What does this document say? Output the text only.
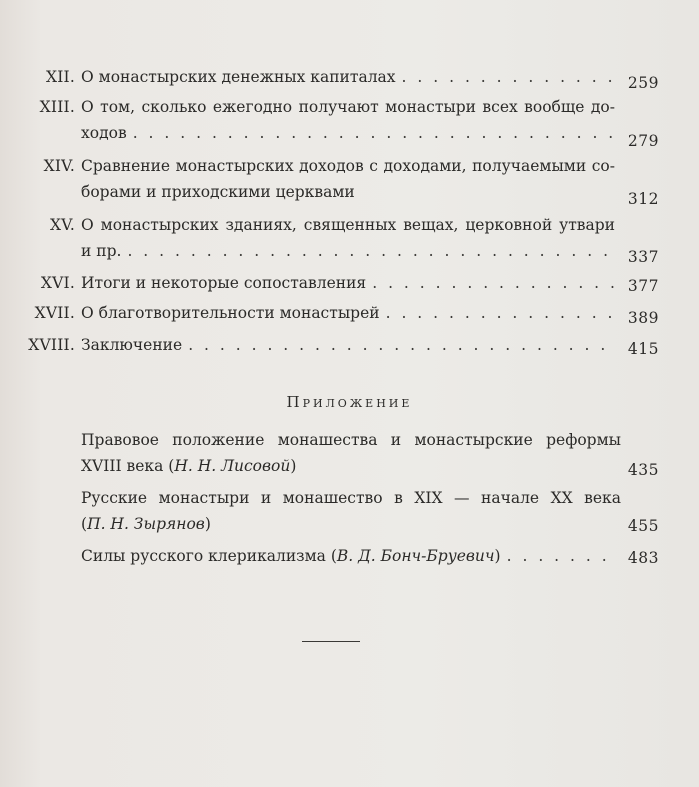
XII. О монастырских денежных капиталах . . .	259
XIII. О том, сколько ежегодно получают монастыри всех вообще до-
ходов . . .	279
XIV. Сравнение монастырских доходов с доходами, получаемыми со-
борами и приходскими церквами	312
XV. О монастырских зданиях, священных вещах, церковной утвари
и пр. . . .	337
XVI. Итоги и некоторые сопоставления . . .	377
XVII. О благотворительности монастырей . . .	389
XVIII. Заключение . . .	415
Приложение
Правовое положение монашества и монастырские реформы
XVIII века (Н. Н. Лисовой)	435
Русские монастыри и монашество в XIX — начале XX века
(П. Н. Зырянов)	455
Силы русского клерикализма ( В. Д. Бонч-Бруевич ) . . .	483
